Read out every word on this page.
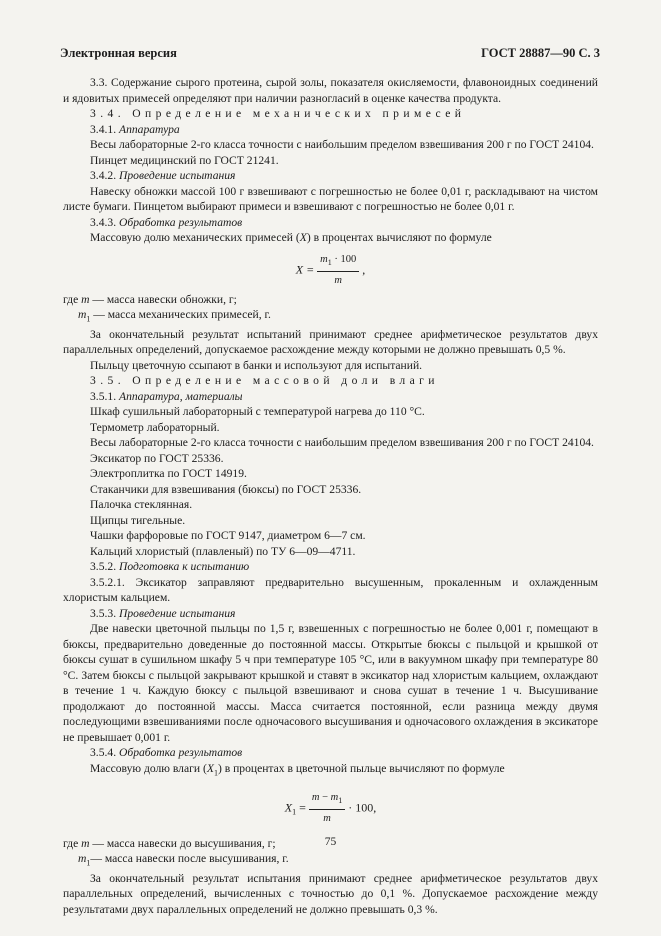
Электронная версия	ГОСТ 28887—90 С. 3

3.3. Содержание сырого протеина, сырой золы, показателя окисляемости, флавоноидных соединений и ядовитых примесей определяют при наличии разногласий в оценке качества продукта.

3.4. Определение механических примесей

3.4.1. Аппаратура

Весы лабораторные 2-го класса точности с наибольшим пределом взвешивания 200 г по ГОСТ 24104.

Пинцет медицинский по ГОСТ 21241.

3.4.2. Проведение испытания

Навеску обножки массой 100 г взвешивают с погрешностью не более 0,01 г, раскладывают на чистом листе бумаги. Пинцетом выбирают примеси и взвешивают с погрешностью не более 0,01 г.

3.4.3. Обработка результатов

Массовую долю механических примесей (X) в процентах вычисляют по формуле

$X = \frac{m_1 \cdot 100}{m}$ ,

где m — масса навески обножки, г;

$m_1$ — масса механических примесей, г.

За окончательный результат испытаний принимают среднее арифметическое результатов двух параллельных определений, допускаемое расхождение между которыми не должно превышать 0,5 %.

Пыльцу цветочную ссыпают в банки и используют для испытаний.

3.5. Определение массовой доли влаги

3.5.1. Аппаратура, материалы

Шкаф сушильный лабораторный с температурой нагрева до 110 °С.

Термометр лабораторный.

Весы лабораторные 2-го класса точности с наибольшим пределом взвешивания 200 г по ГОСТ 24104.

Эксикатор по ГОСТ 25336.

Электроплитка по ГОСТ 14919.

Стаканчики для взвешивания (бюксы) по ГОСТ 25336.

Палочка стеклянная.

Щипцы тигельные.

Чашки фарфоровые по ГОСТ 9147, диаметром 6—7 см.

Кальций хлористый (плавленый) по ТУ 6—09—4711.

3.5.2. Подготовка к испытанию

3.5.2.1. Эксикатор заправляют предварительно высушенным, прокаленным и охлажденным хлористым кальцием.

3.5.3. Проведение испытания

Две навески цветочной пыльцы по 1,5 г, взвешенных с погрешностью не более 0,001 г, помещают в бюксы, предварительно доведенные до постоянной массы. Открытые бюксы с пыльцой и крышкой от бюксы сушат в сушильном шкафу 5 ч при температуре 105 °С, или в вакуумном шкафу при температуре 80 °С. Затем бюксы с пыльцой закрывают крышкой и ставят в эксикатор над хлористым кальцием, охлаждают в течение 1 ч. Каждую бюксу с пыльцой взвешивают и снова сушат в течение 1 ч. Высушивание продолжают до постоянной массы. Масса считается постоянной, если разница между двумя последующими взвешиваниями после одночасового высушивания и одночасового охлаждения в эксикаторе не превышает 0,001 г.

3.5.4. Обработка результатов

Массовую долю влаги $(X_1)$ в процентах в цветочной пыльце вычисляют по формуле

$X_1 = \frac{m - m_1}{m} \cdot 100$,

где m — масса навески до высушивания, г;

$m_1—$ масса навески после высушивания, г.

За окончательный результат испытания принимают среднее арифметическое результатов двух параллельных определений, вычисленных с точностью до 0,1 %. Допускаемое расхождение между результатами двух параллельных определений не должно превышать 0,3 %.

75
